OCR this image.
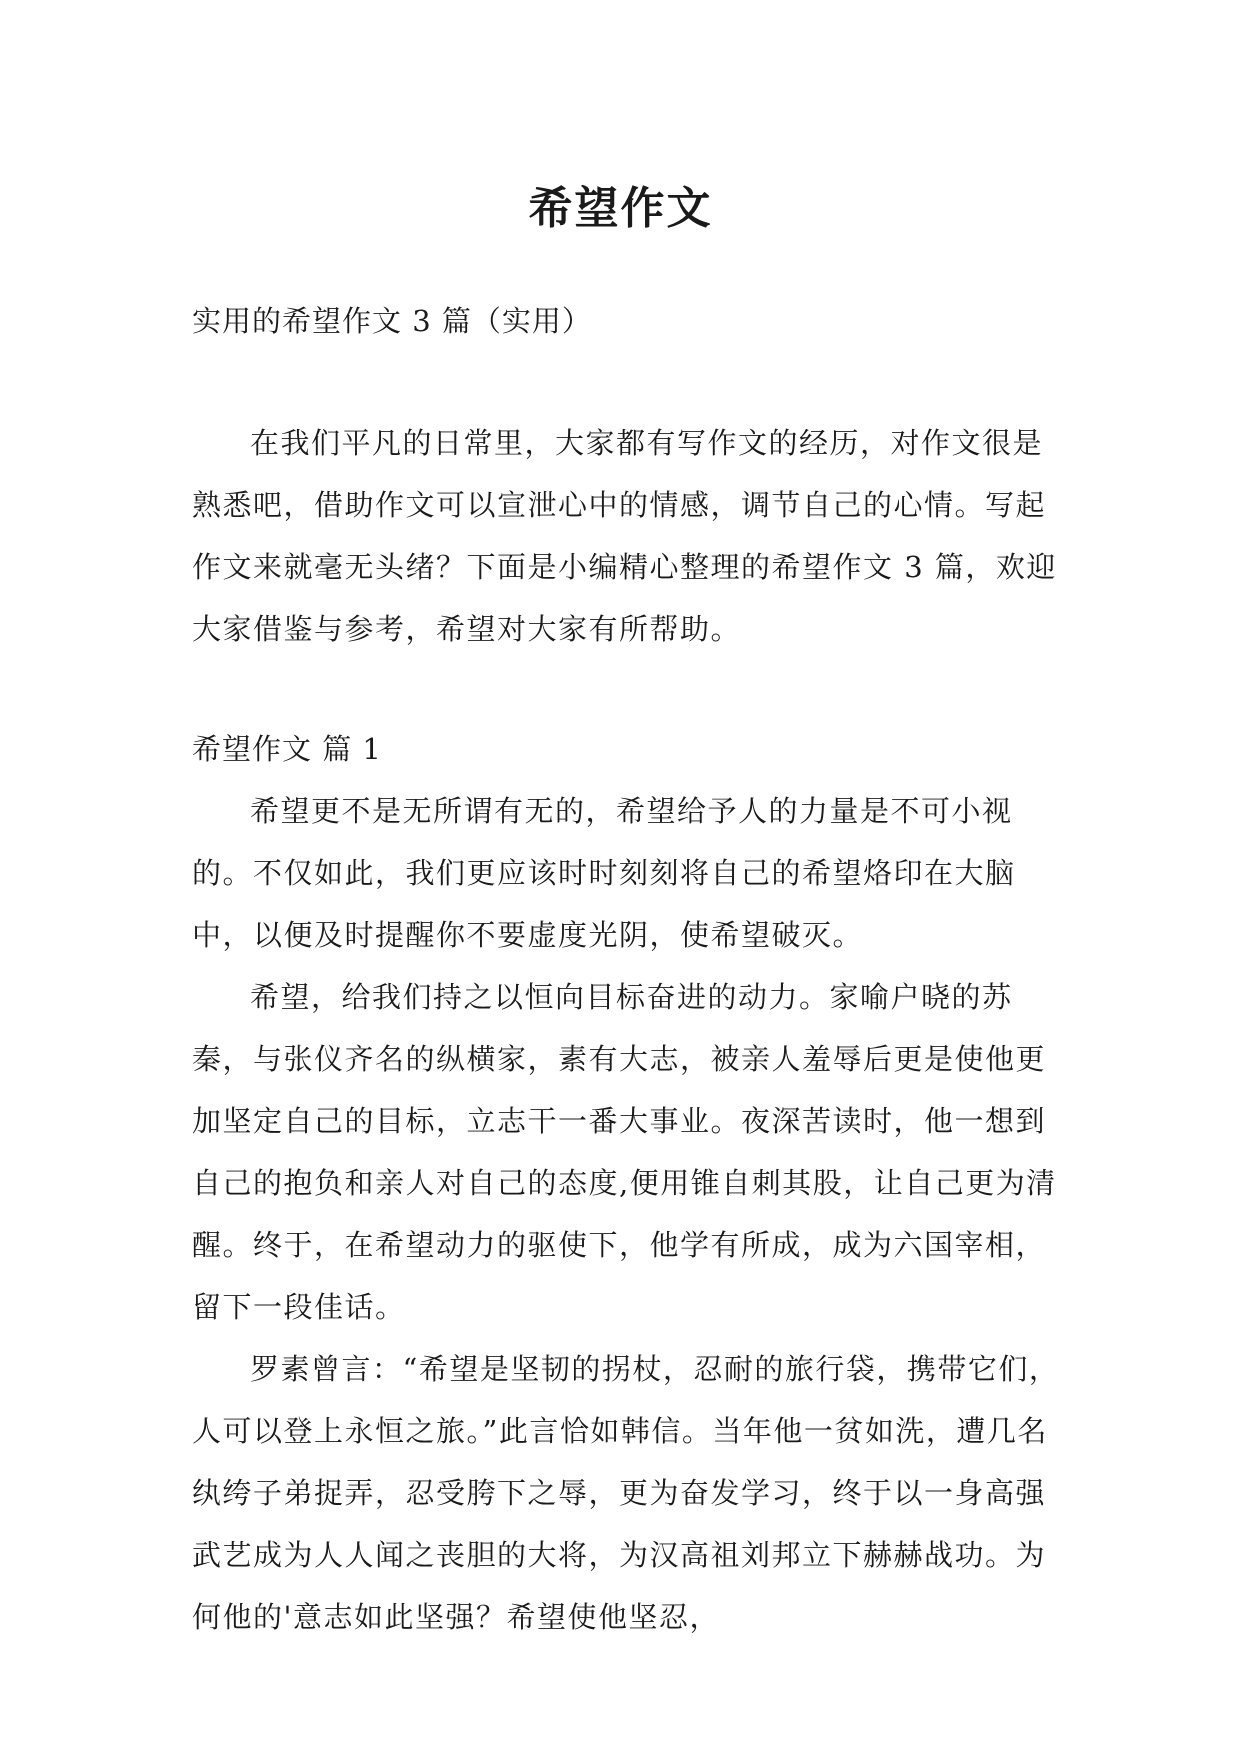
希望作文

实用的希望作文 3 篇（实用）

在我们平凡的日常里，大家都有写作文的经历，对作文很是熟悉吧，借助作文可以宣泄心中的情感，调节自己的心情。写起作文来就毫无头绪？下面是小编精心整理的希望作文 3 篇，欢迎大家借鉴与参考，希望对大家有所帮助。

希望作文 篇 1

希望更不是无所谓有无的，希望给予人的力量是不可小视的。不仅如此，我们更应该时时刻刻将自己的希望烙印在大脑中，以便及时提醒你不要虚度光阴，使希望破灭。

希望，给我们持之以恒向目标奋进的动力。家喻户晓的苏秦，与张仪齐名的纵横家，素有大志，被亲人羞辱后更是使他更加坚定自己的目标，立志干一番大事业。夜深苦读时，他一想到自己的抱负和亲人对自己的态度,便用锥自刺其股，让自己更为清醒。终于，在希望动力的驱使下，他学有所成，成为六国宰相，留下一段佳话。

罗素曾言：“希望是坚韧的拐杖，忍耐的旅行袋，携带它们，人可以登上永恒之旅。”此言恰如韩信。当年他一贫如洗，遭几名纨绔子弟捉弄，忍受胯下之辱，更为奋发学习，终于以一身高强武艺成为人人闻之丧胆的大将，为汉高祖刘邦立下赫赫战功。为何他的'意志如此坚强？希望使他坚忍，
